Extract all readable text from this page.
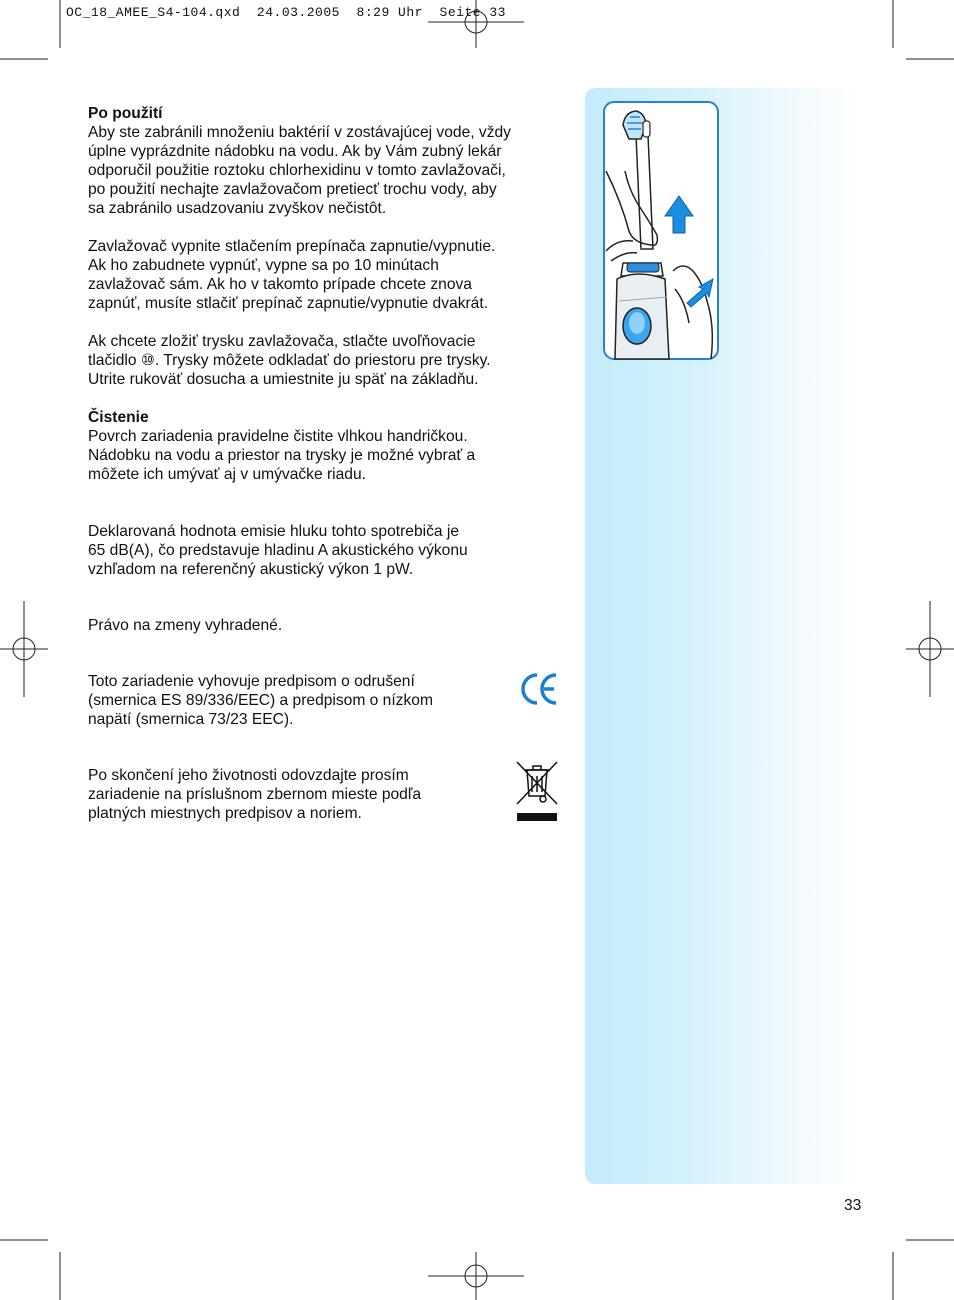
OC_18_AMEE_S4-104.qxd  24.03.2005  8:29 Uhr  Seite 33

Po použití

Aby ste zabránili množeniu baktérií v zostávajúcej vode, vždy
úplne vyprázdnite nádobku na vodu. Ak by Vám zubný lekár
odporučil použitie roztoku chlorhexidinu v tomto zavlažovači,
po použití nechajte zavlažovačom pretiecť trochu vody, aby
sa zabránilo usadzovaniu zvyškov nečistôt.

Zavlažovač vypnite stlačením prepínača zapnutie/vypnutie.
Ak ho zabudnete vypnúť, vypne sa po 10 minútach
zavlažovač sám. Ak ho v takomto prípade chcete znova
zapnúť, musíte stlačiť prepínač zapnutie/vypnutie dvakrát.

Ak chcete zložiť trysku zavlažovača, stlačte uvoľňovacie
tlačidlo ⑩. Trysky môžete odkladať do priestoru pre trysky.
Utrite rukoväť dosucha a umiestnite ju späť na základňu.

Čistenie

Povrch zariadenia pravidelne čistite vlhkou handričkou.
Nádobku na vodu a priestor na trysky je možné vybrať a
môžete ich umývať aj v umývačke riadu.

Deklarovaná hodnota emisie hluku tohto spotrebiča je
65 dB(A), čo predstavuje hladinu A akustického výkonu
vzhľadom na referenčný akustický výkon 1 pW.

Právo na zmeny vyhradené.

Toto zariadenie vyhovuje predpisom o odrušení
(smernica ES 89/336/EEC) a predpisom o nízkom
napätí (smernica 73/23 EEC).

Po skončení jeho životnosti odovzdajte prosím
zariadenie na príslušnom zbernom mieste podľa
platných miestnych predpisov a noriem.

33
